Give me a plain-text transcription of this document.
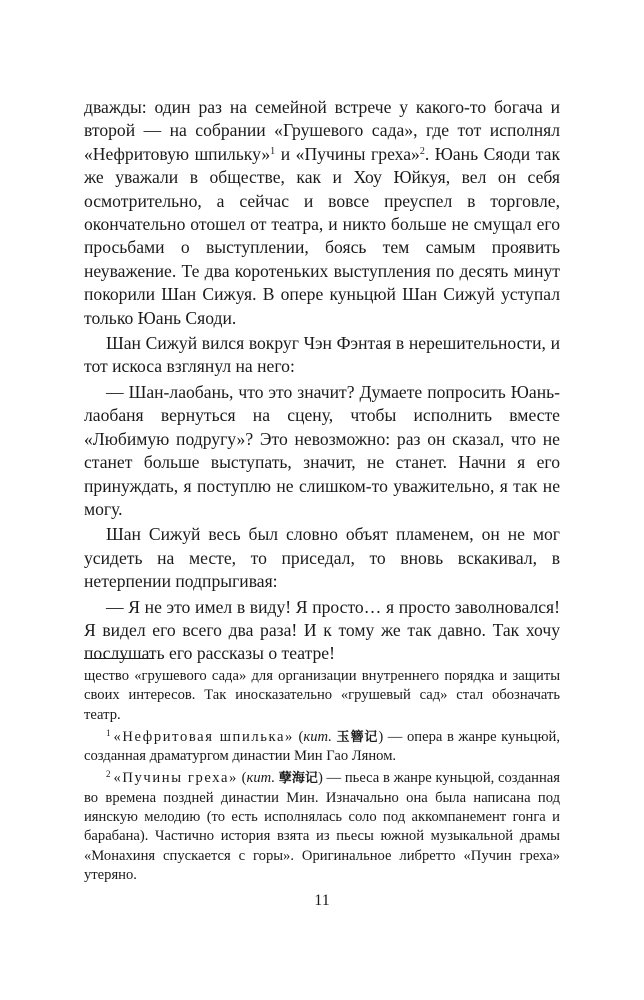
дважды: один раз на семейной встрече у какого-то богача и второй — на собрании «Грушевого сада», где тот исполнял «Нефритовую шпильку»$^1$ и «Пучины греха»$^2$. Юань Сяоди так же уважали в обществе, как и Хоу Юйкуя, вел он себя осмотрительно, а сейчас и вовсе преуспел в торговле, окончательно отошел от театра, и никто больше не смущал его просьбами о выступлении, боясь тем самым проявить неуважение. Те два коротеньких выступления по десять минут покорили Шан Сижуя. В опере куньцюй Шан Сижуй уступал только Юань Сяоди.

Шан Сижуй вился вокруг Чэн Фэнтая в нерешительности, и тот искоса взглянул на него:

— Шан-лаобань, что это значит? Думаете попросить Юань-лаобаня вернуться на сцену, чтобы исполнить вместе «Любимую подругу»? Это невозможно: раз он сказал, что не станет больше выступать, значит, не станет. Начни я его принуждать, я поступлю не слишком-то уважительно, я так не могу.

Шан Сижуй весь был словно объят пламенем, он не мог усидеть на месте, то приседал, то вновь вскакивал, в нетерпении подпрыгивая:

— Я не это имел в виду! Я просто… я просто заволновался! Я видел его всего два раза! И к тому же так давно. Так хочу послушать его рассказы о театре!

щество «грушевого сада» для организации внутреннего порядка и защиты своих интересов. Так иносказательно «грушевый сад» стал обозначать театр.

$^1$ «Нефритовая шпилька» (кит. 玉簪记) — опера в жанре куньцюй, созданная драматургом династии Мин Гао Ляном.

$^2$ «Пучины греха» (кит. 孽海记) — пьеса в жанре куньцюй, созданная во времена поздней династии Мин. Изначально она была написана под иянскую мелодию (то есть исполнялась соло под аккомпанемент гонга и барабана). Частично история взята из пьесы южной музыкальной драмы «Монахиня спускается с горы». Оригинальное либретто «Пучин греха» утеряно.

11
